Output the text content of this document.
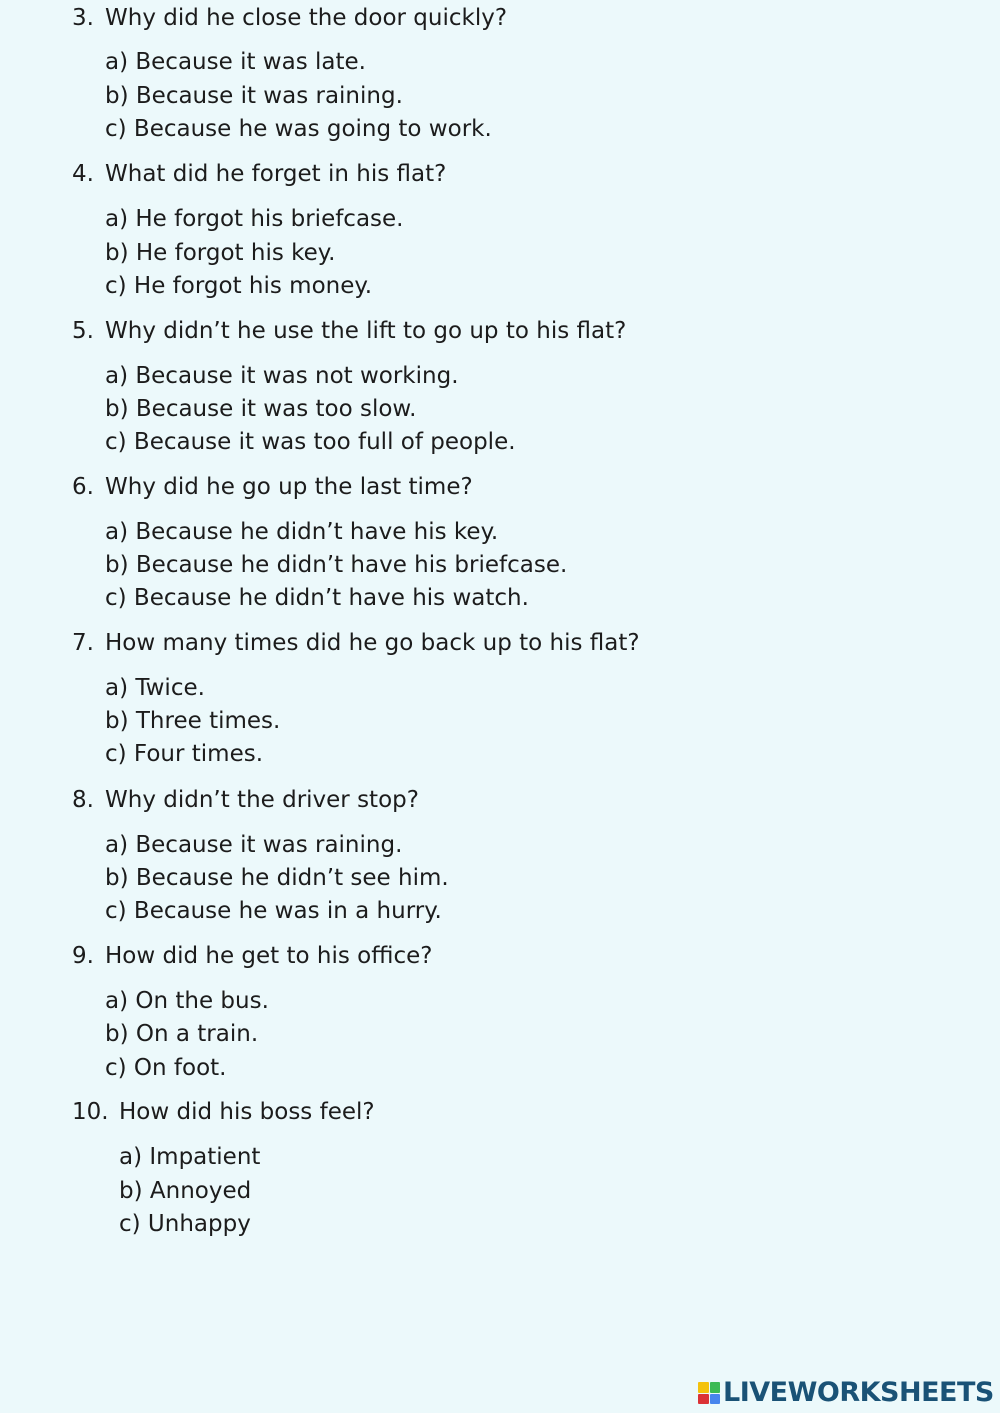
3. Why did he close the door quickly?
a) Because it was late.
b) Because it was raining.
c) Because he was going to work.
4. What did he forget in his flat?
a) He forgot his briefcase.
b) He forgot his key.
c) He forgot his money.
5. Why didn’t he use the lift to go up to his flat?
a) Because it was not working.
b) Because it was too slow.
c) Because it was too full of people.
6. Why did he go up the last time?
a) Because he didn’t have his key.
b) Because he didn’t have his briefcase.
c) Because he didn’t have his watch.
7. How many times did he go back up to his flat?
a) Twice.
b) Three times.
c) Four times.
8. Why didn’t the driver stop?
a) Because it was raining.
b) Because he didn’t see him.
c) Because he was in a hurry.
9. How did he get to his office?
a) On the bus.
b) On a train.
c) On foot.
10. How did his boss feel?
a) Impatient
b) Annoyed
c) Unhappy
LIVEWORKSHEETS
